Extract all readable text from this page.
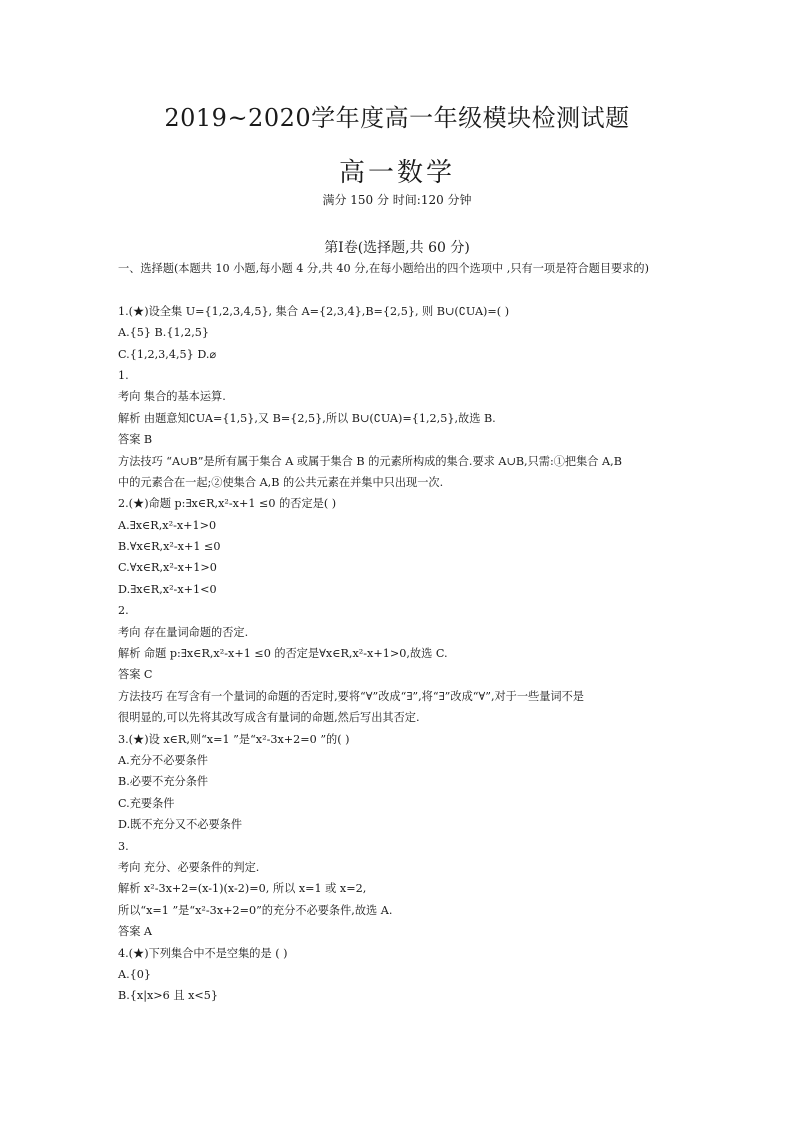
2019~2020学年度高一年级模块检测试题
高一数学
满分 150 分 时间:120 分钟
第Ⅰ卷(选择题,共 60 分)
一、选择题(本题共 10 小题,每小题 4 分,共 40 分,在每小题给出的四个选项中 ,只有一项是符合题目要求的)
1.(★)设全集 U={1,2,3,4,5}, 集合 A={2,3,4},B={2,5}, 则 B∪(∁UA)=( )
A.{5} B.{1,2,5}
C.{1,2,3,4,5} D.⌀
1.
考向 集合的基本运算.
解析 由题意知∁UA={1,5},又 B={2,5},所以 B∪(∁UA)={1,2,5},故选 B.
答案 B
方法技巧 “A∪B”是所有属于集合 A 或属于集合 B 的元素所构成的集合.要求 A∪B,只需:①把集合 A,B
中的元素合在一起;②使集合 A,B 的公共元素在并集中只出现一次.
2.(★)命题 p:∃x∈R,x²-x+1 ≤0 的否定是( )
A.∃x∈R,x²-x+1>0
B.∀x∈R,x²-x+1 ≤0
C.∀x∈R,x²-x+1>0
D.∃x∈R,x²-x+1<0
2.
考向 存在量词命题的否定.
解析 命题 p:∃x∈R,x²-x+1 ≤0 的否定是∀x∈R,x²-x+1>0,故选 C.
答案 C
方法技巧 在写含有一个量词的命题的否定时,要将“∀”改成“∃”,将“∃”改成“∀”,对于一些量词不是
很明显的,可以先将其改写成含有量词的命题,然后写出其否定.
3.(★)设 x∈R,则“x=1 ”是“x²-3x+2=0 ”的( )
A.充分不必要条件
B.必要不充分条件
C.充要条件
D.既不充分又不必要条件
3.
考向 充分、必要条件的判定.
解析 x²-3x+2=(x-1)(x-2)=0, 所以 x=1 或 x=2,
所以“x=1 ”是“x²-3x+2=0”的充分不必要条件,故选 A.
答案 A
4.(★)下列集合中不是空集的是 ( )
A.{0}
B.{x|x>6 且 x<5}
